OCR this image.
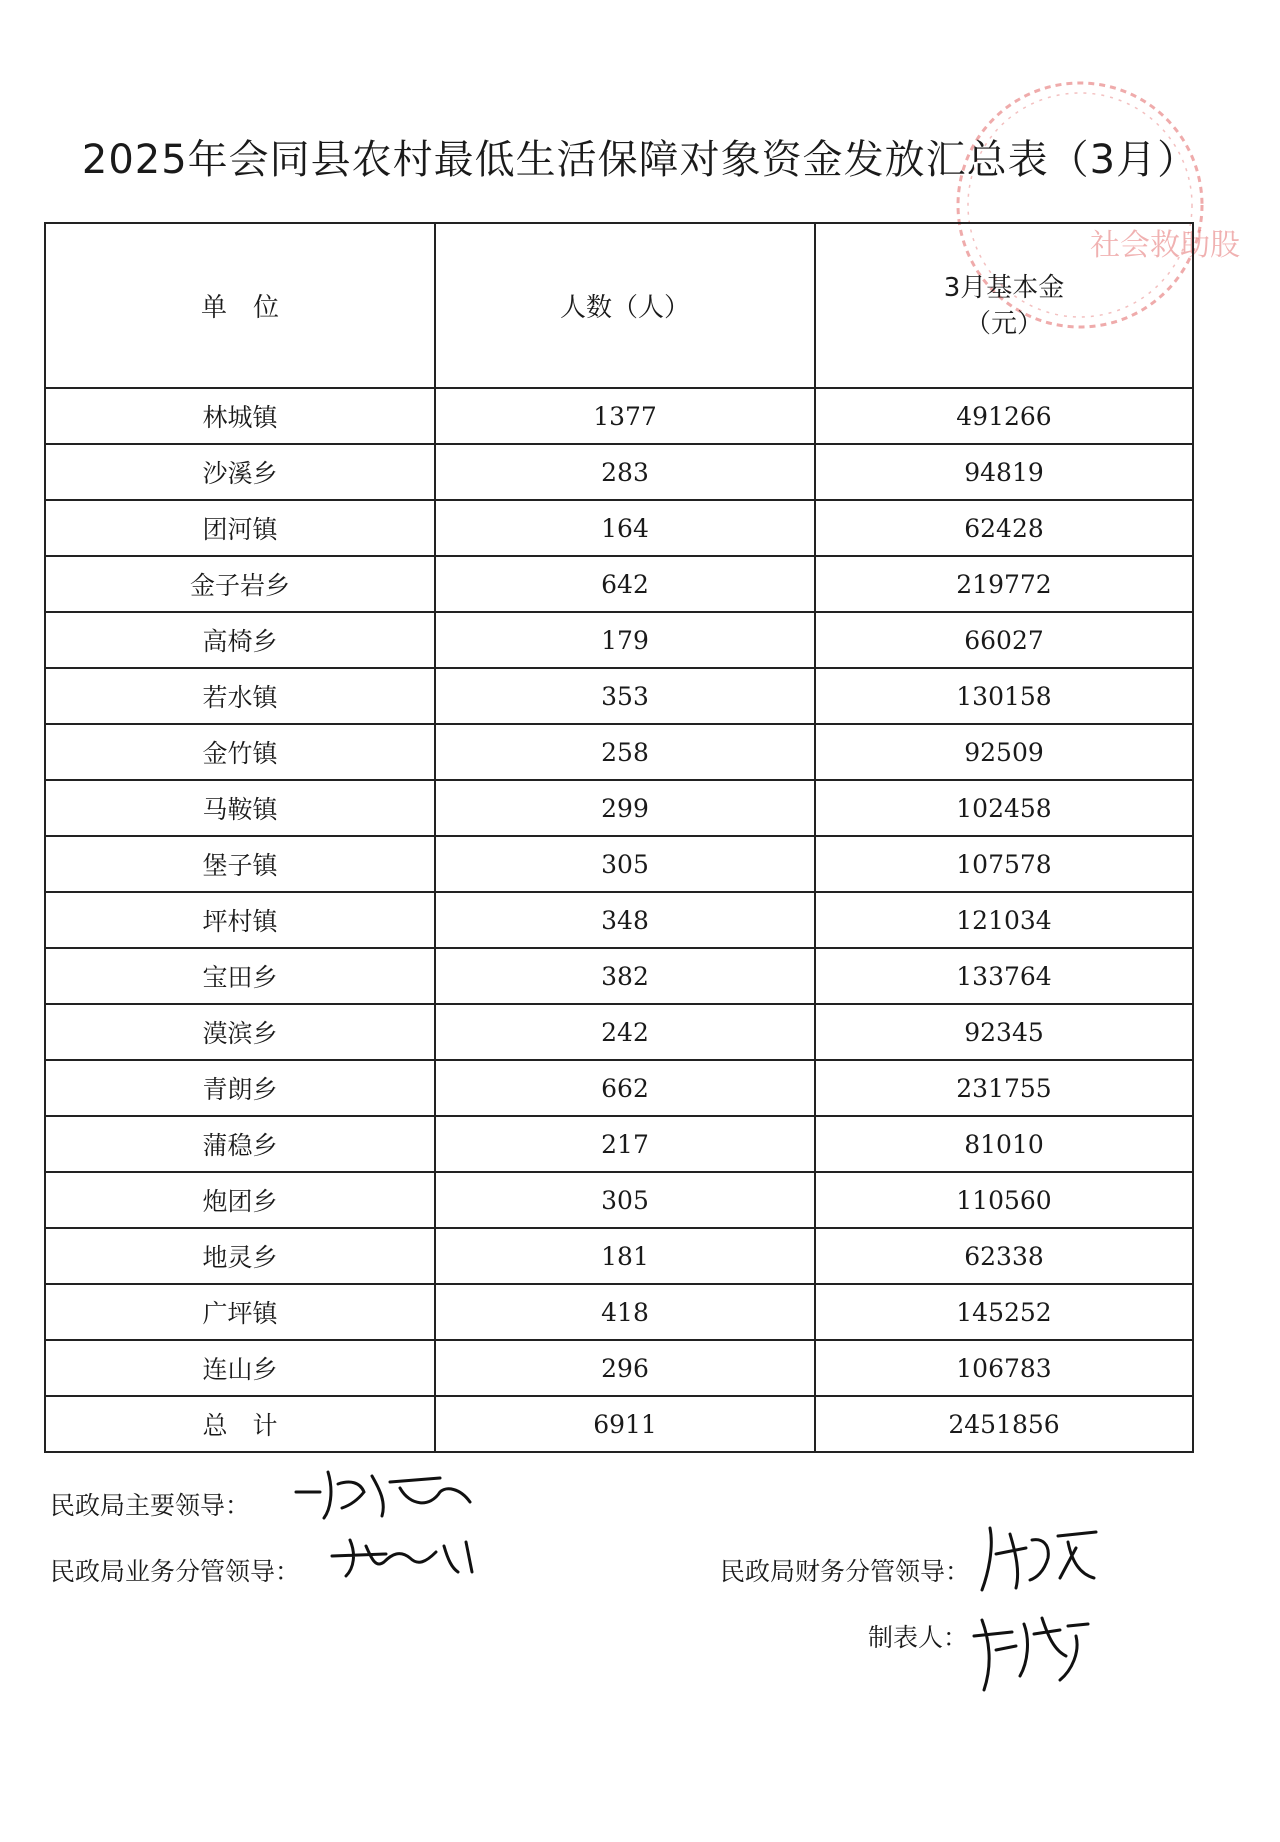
社会救助股
2025年会同县农村最低生活保障对象资金发放汇总表（3月）
单　位	人数（人）	3月基本金
（元）

林城镇	1377	491266
沙溪乡	283	94819
团河镇	164	62428
金子岩乡	642	219772
高椅乡	179	66027
若水镇	353	130158
金竹镇	258	92509
马鞍镇	299	102458
堡子镇	305	107578
坪村镇	348	121034
宝田乡	382	133764
漠滨乡	242	92345
青朗乡	662	231755
蒲稳乡	217	81010
炮团乡	305	110560
地灵乡	181	62338
广坪镇	418	145252
连山乡	296	106783
总　计	6911	2451856
民政局主要领导：
民政局业务分管领导：	民政局财务分管领导：
制表人：
